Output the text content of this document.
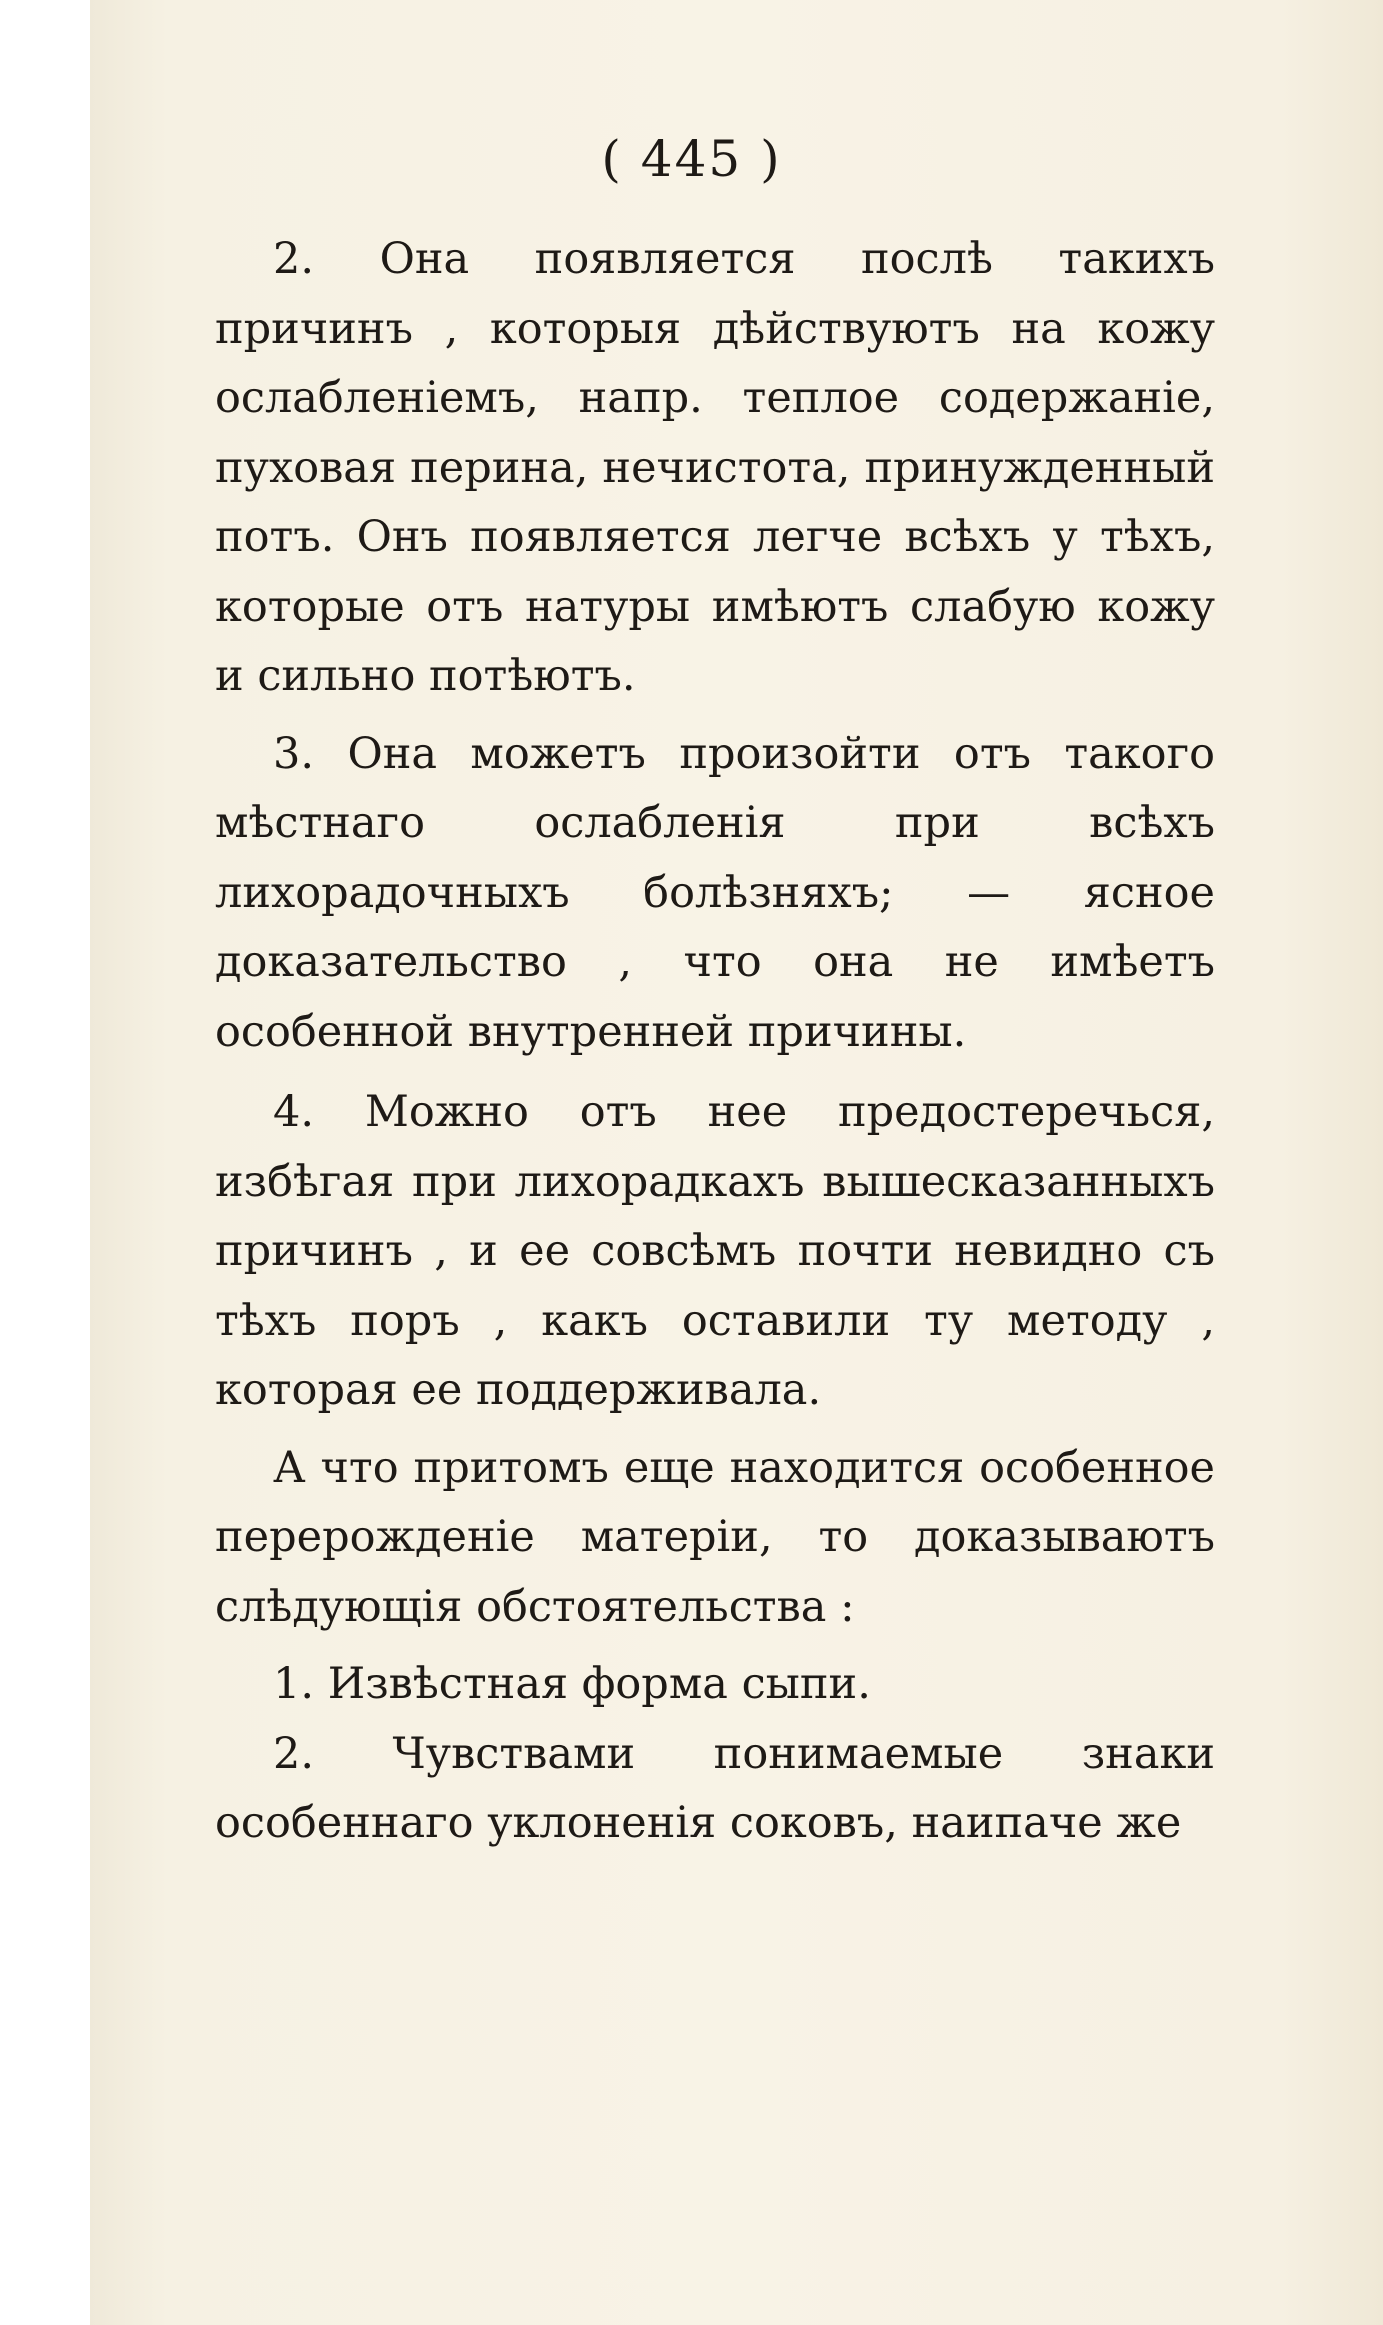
( 445 )

2. Она появляется послѣ такихъ причинъ , которыя дѣйствуютъ на кожу ослабленіемъ, напр. теплое содержаніе, пуховая перина, нечистота, принужденный потъ. Онъ появляется легче всѣхъ у тѣхъ, которые отъ натуры имѣютъ слабую кожу и сильно потѣютъ.

3. Она можетъ произойти отъ такого мѣстнаго ослабленія при всѣхъ лихорадочныхъ болѣзняхъ; — ясное доказательство , что она не имѣетъ особенной внутренней причины.

4. Можно отъ нее предостеречься, избѣгая при лихорадкахъ вышесказанныхъ причинъ , и ее совсѣмъ почти невидно съ тѣхъ поръ , какъ оставили ту методу , которая ее поддерживала.

А что притомъ еще находится особенное перерожденіе матеріи, то доказываютъ слѣдующія обстоятельства :

1. Извѣстная форма сыпи.

2. Чувствами понимаемые знаки особеннаго уклоненія соковъ, наипаче же
